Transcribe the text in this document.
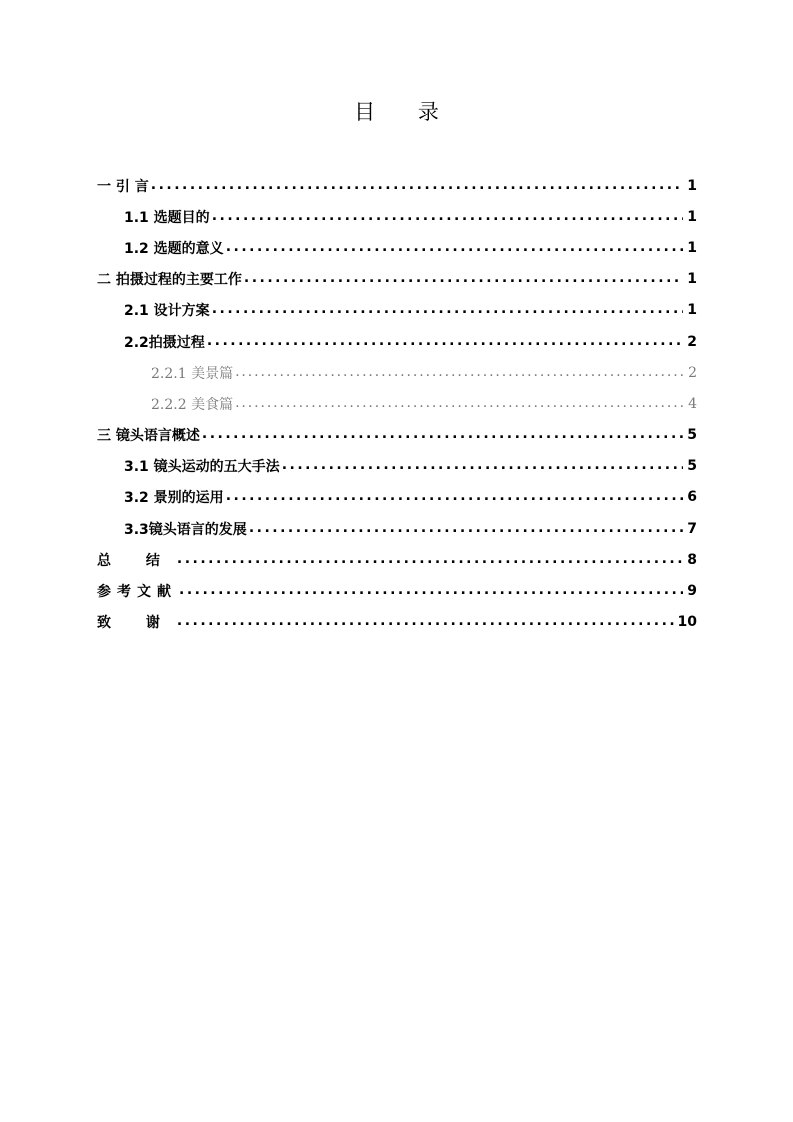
目 录
一 引 言 .....	1
1.1 选题目的 .....	1
1.2 选题的意义 .....	1
二 拍摄过程的主要工作 .....	1
2.1 设计方案 .....	1
2.2拍摄过程 .....	2
2.2.1 美景篇 .....	2
2.2.2 美食篇 .....	4
三 镜头语言概述 .....	5
3.1 镜头运动的五大手法 .....	5
3.2 景别的运用 .....	6
3.3镜头语言的发展 .....	7
总 结 .....	8
参考文献 .....	9
致 谢 .....	10
